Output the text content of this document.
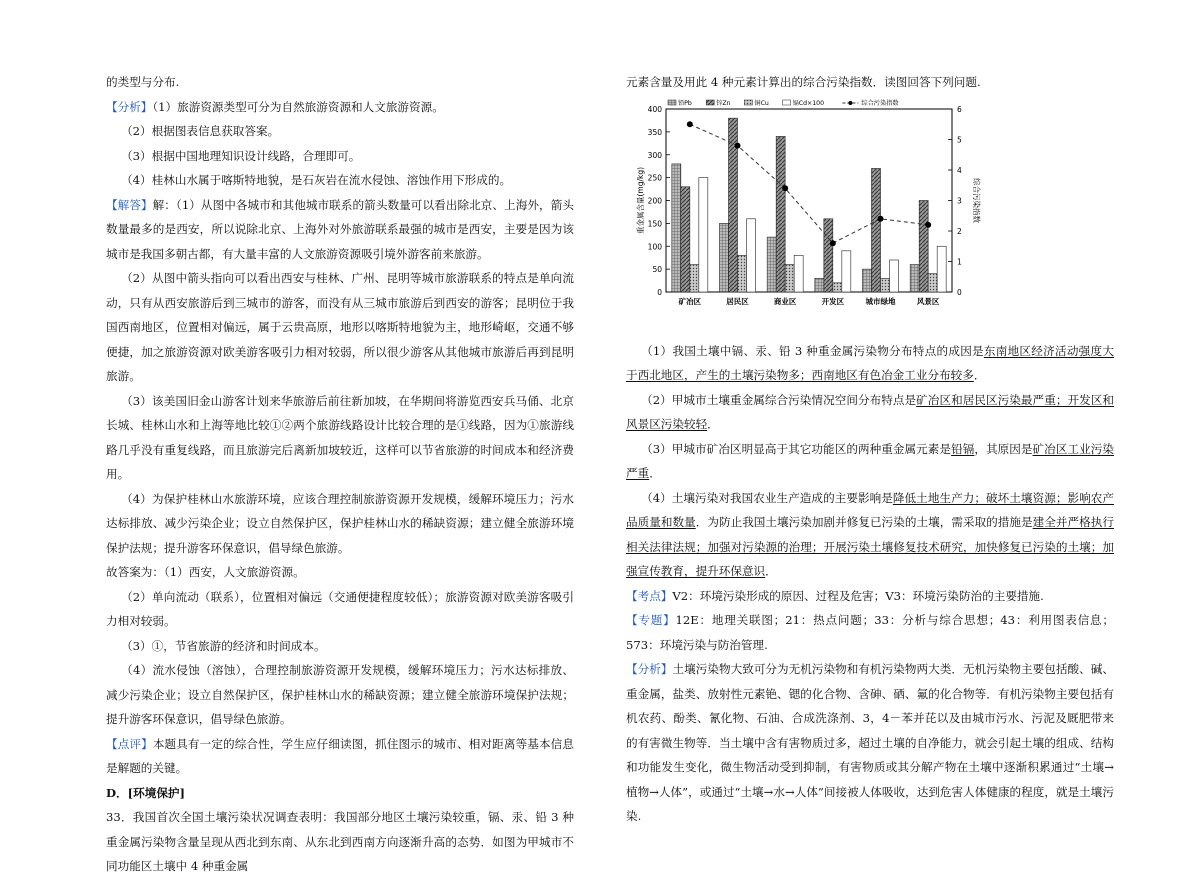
的类型与分布.

【分析】（1）旅游资源类型可分为自然旅游资源和人文旅游资源。

（2）根据图表信息获取答案。

（3）根据中国地理知识设计线路，合理即可。

（4）桂林山水属于喀斯特地貌，是石灰岩在流水侵蚀、溶蚀作用下形成的。

【解答】解：（1）从图中各城市和其他城市联系的箭头数量可以看出除北京、上海外，箭头数量最多的是西安，所以说除北京、上海外对外旅游联系最强的城市是西安，主要是因为该城市是我国多朝古都，有大量丰富的人文旅游资源吸引境外游客前来旅游。

（2）从图中箭头指向可以看出西安与桂林、广州、昆明等城市旅游联系的特点是单向流动，只有从西安旅游后到三城市的游客，而没有从三城市旅游后到西安的游客；昆明位于我国西南地区，位置相对偏远，属于云贵高原，地形以喀斯特地貌为主，地形崎岖，交通不够便捷，加之旅游资源对欧美游客吸引力相对较弱，所以很少游客从其他城市旅游后再到昆明旅游。

（3）该美国旧金山游客计划来华旅游后前往新加坡，在华期间将游览西安兵马俑、北京长城、桂林山水和上海等地比较①②两个旅游线路设计比较合理的是①线路，因为①旅游线路几乎没有重复线路，而且旅游完后离新加坡较近，这样可以节省旅游的时间成本和经济费用。

（4）为保护桂林山水旅游环境，应该合理控制旅游资源开发规模，缓解环境压力；污水达标排放、减少污染企业；设立自然保护区，保护桂林山水的稀缺资源；建立健全旅游环境保护法规；提升游客环保意识，倡导绿色旅游。

故答案为：（1）西安，人文旅游资源。

（2）单向流动（联系），位置相对偏远（交通便捷程度较低）；旅游资源对欧美游客吸引力相对较弱。

（3）①，节省旅游的经济和时间成本。

（4）流水侵蚀（溶蚀），合理控制旅游资源开发规模，缓解环境压力；污水达标排放、减少污染企业；设立自然保护区，保护桂林山水的稀缺资源；建立健全旅游环境保护法规；提升游客环保意识，倡导绿色旅游。

【点评】本题具有一定的综合性，学生应仔细读图，抓住图示的城市、相对距离等基本信息是解题的关键。

D．[环境保护]

33．我国首次全国土壤污染状况调查表明：我国部分地区土壤污染较重，镉、汞、铅 3 种重金属污染物含量呈现从西北到东南、从东北到西南方向逐渐升高的态势．如图为甲城市不同功能区土壤中 4 种重金属

元素含量及用此 4 种元素计算出的综合污染指数．读图回答下列问题.

0
50
100
150
200
250
300
350
400
0
1
2
3
4
5
6
重金属含量(mg/kg)	综合污染指数
矿冶区	居民区	商业区	开发区	城市绿地	风景区
铅Pb	锌Zn	铜Cu	镉Cd×100	综合污染指数

（1）我国土壤中镉、汞、铅 3 种重金属污染物分布特点的成因是东南地区经济活动强度大于西北地区，产生的土壤污染物多；西南地区有色冶金工业分布较多．

（2）甲城市土壤重金属综合污染情况空间分布特点是矿冶区和居民区污染最严重；开发区和风景区污染较轻．

（3）甲城市矿冶区明显高于其它功能区的两种重金属元素是铅镉，其原因是矿冶区工业污染严重．

（4）土壤污染对我国农业生产造成的主要影响是降低土地生产力；破坏土壤资源；影响农产品质量和数量．为防止我国土壤污染加剧并修复已污染的土壤，需采取的措施是建全并严格执行相关法律法规；加强对污染源的治理；开展污染土壤修复技术研究，加快修复已污染的土壤；加强宣传教育，提升环保意识．

【考点】V2：环境污染形成的原因、过程及危害；V3：环境污染防治的主要措施.

【专题】12E：地理关联图；21：热点问题；33：分析与综合思想；43：利用图表信息；573：环境污染与防治管理.

【分析】土壤污染物大致可分为无机污染物和有机污染物两大类．无机污染物主要包括酸、碱、重金属，盐类、放射性元素铯、锶的化合物、含砷、硒、氟的化合物等．有机污染物主要包括有机农药、酚类、氰化物、石油、合成洗涤剂、3，4－苯并芘以及由城市污水、污泥及厩肥带来的有害微生物等．当土壤中含有害物质过多，超过土壤的自净能力，就会引起土壤的组成、结构和功能发生变化，微生物活动受到抑制，有害物质或其分解产物在土壤中逐渐积累通过“土壤→植物→人体”，或通过“土壤→水→人体”间接被人体吸收，达到危害人体健康的程度，就是土壤污染.
